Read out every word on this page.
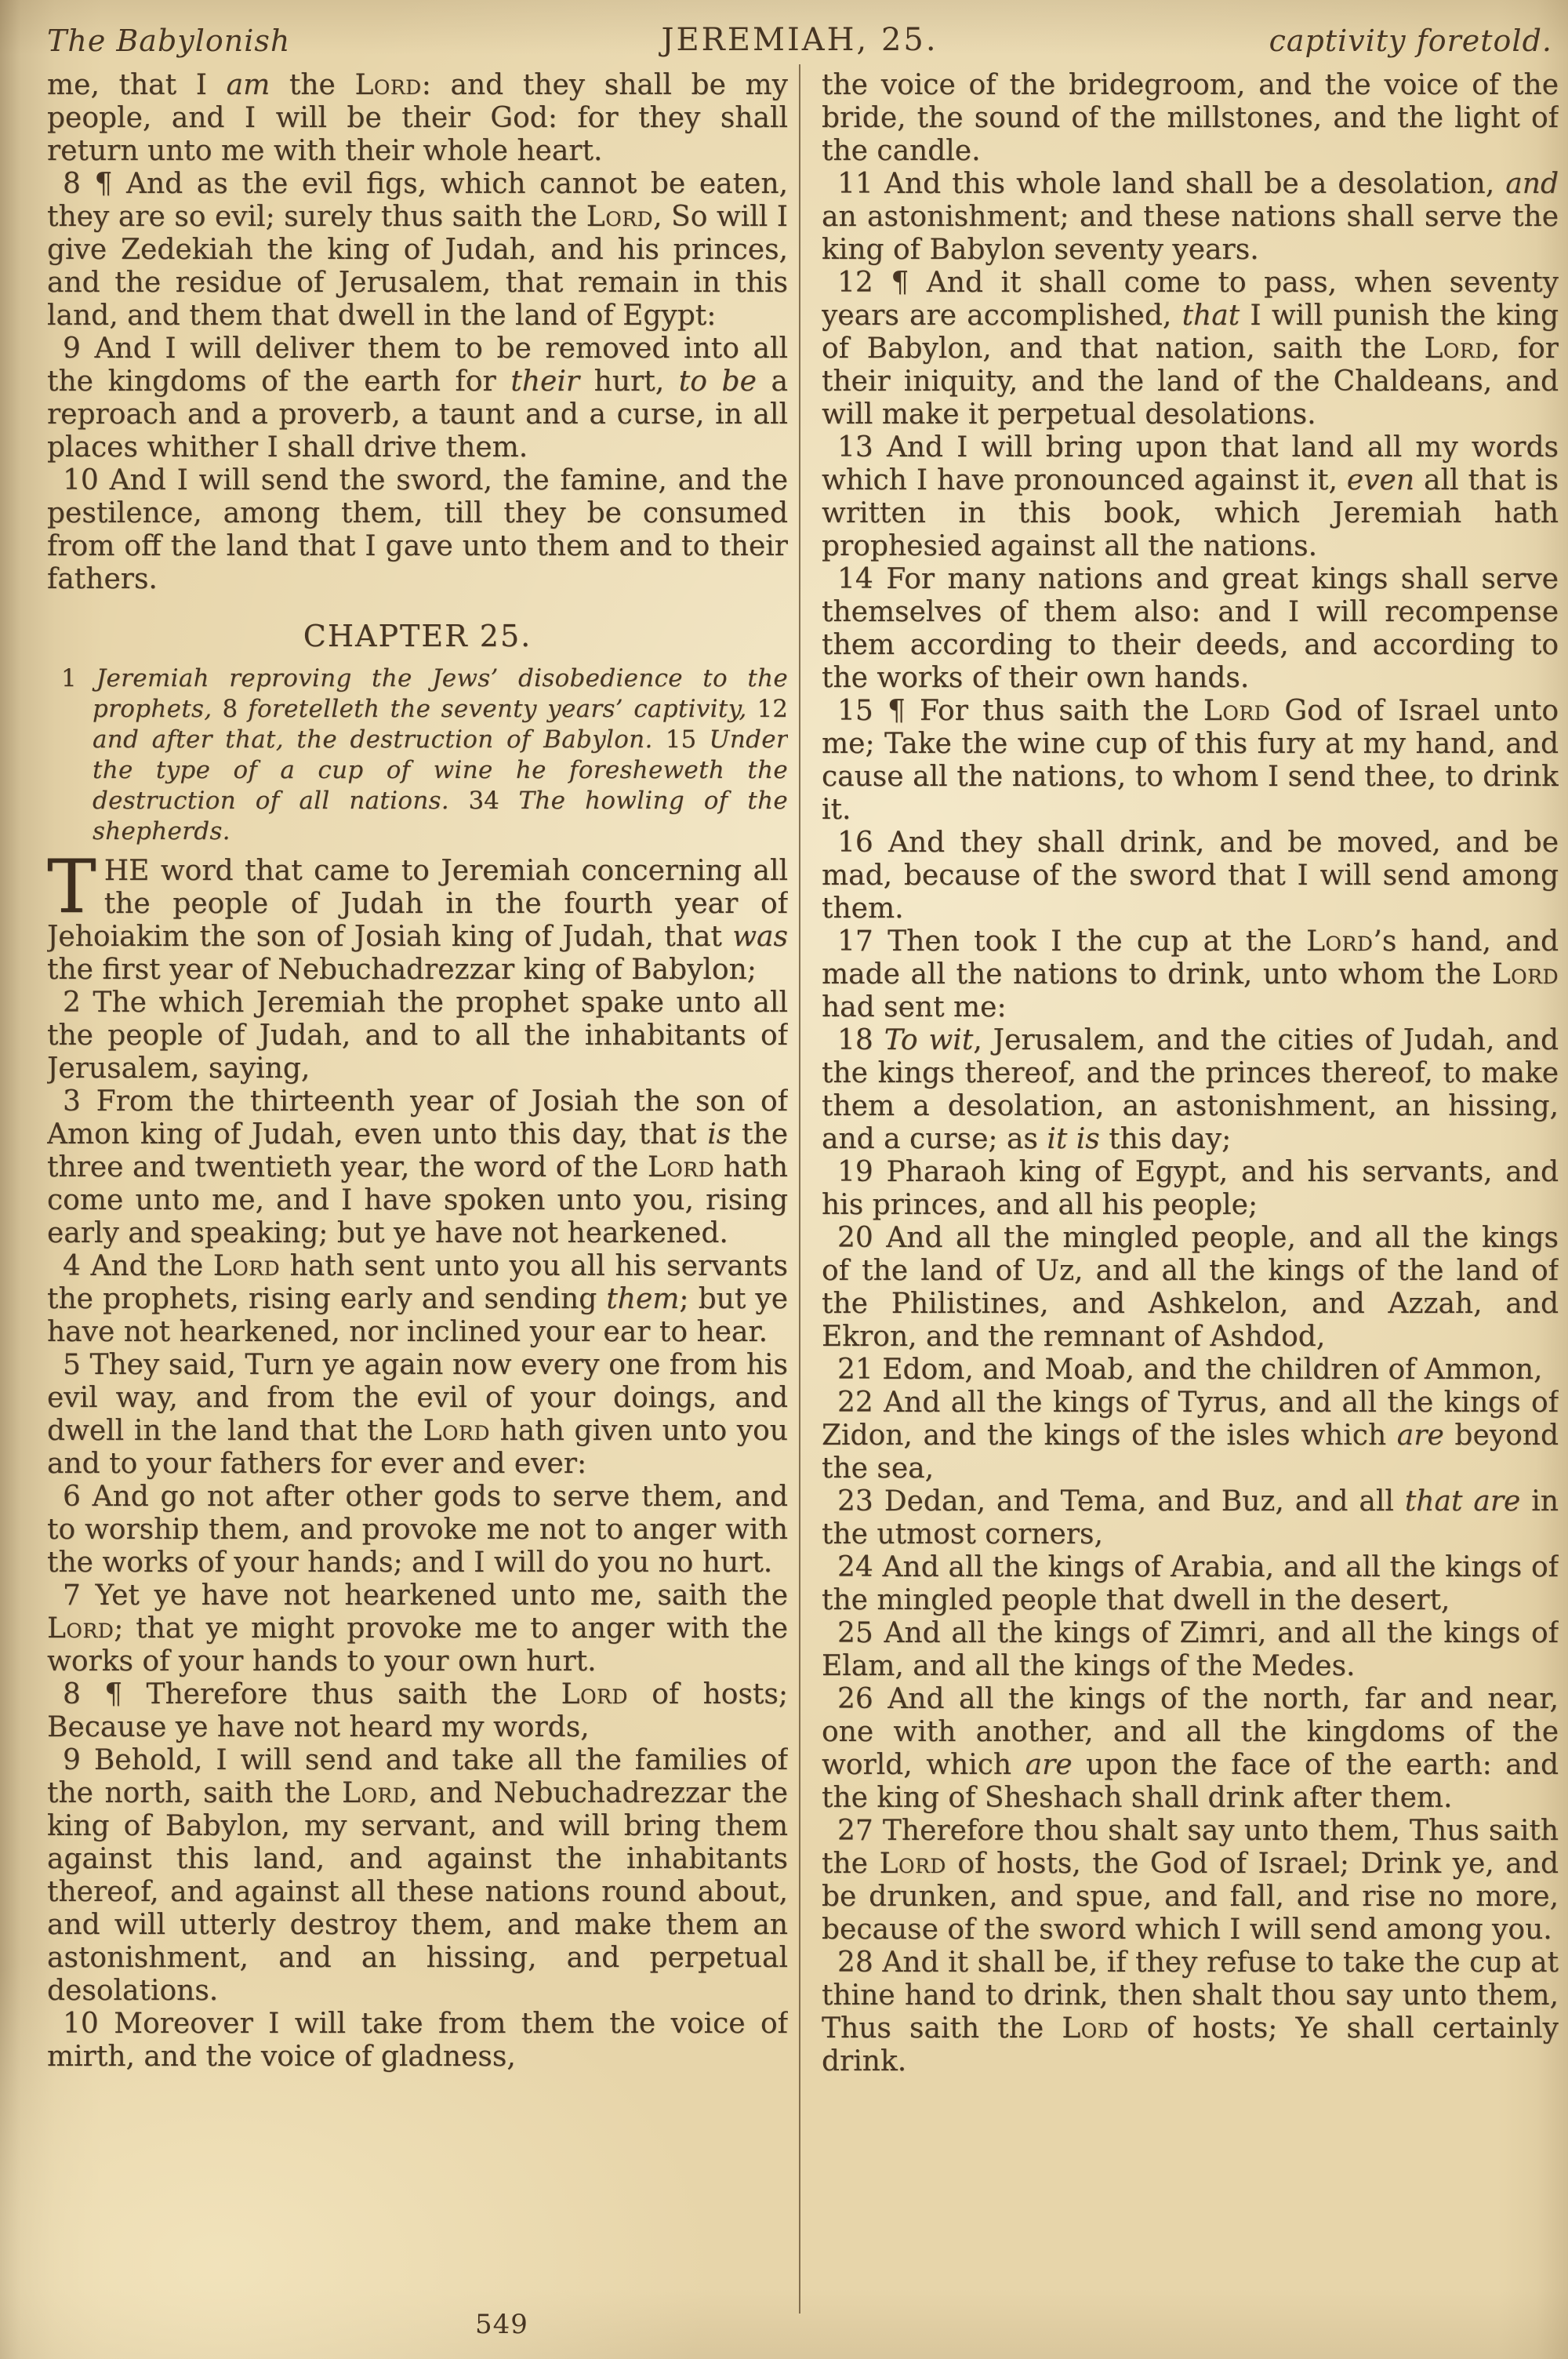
The Babylonish	JEREMIAH, 25.	captivity foretold.

me, that I am the Lord: and they shall be my people, and I will be their God: for they shall return unto me with their whole heart.

8 ¶ And as the evil figs, which cannot be eaten, they are so evil; surely thus saith the Lord, So will I give Zedekiah the king of Judah, and his princes, and the residue of Jerusalem, that remain in this land, and them that dwell in the land of Egypt:

9 And I will deliver them to be removed into all the kingdoms of the earth for their hurt, to be a reproach and a proverb, a taunt and a curse, in all places whither I shall drive them.

10 And I will send the sword, the famine, and the pestilence, among them, till they be consumed from off the land that I gave unto them and to their fathers.

CHAPTER 25.

1 Jeremiah reproving the Jews’ disobedience to the prophets, 8 foretelleth the seventy years’ captivity, 12 and after that, the destruction of Babylon. 15 Under the type of a cup of wine he foresheweth the destruction of all nations. 34 The howling of the shepherds.

THE word that came to Jeremiah concerning all the people of Judah in the fourth year of Jehoiakim the son of Josiah king of Judah, that was the first year of Nebuchadrezzar king of Babylon;

2 The which Jeremiah the prophet spake unto all the people of Judah, and to all the inhabitants of Jerusalem, saying,

3 From the thirteenth year of Josiah the son of Amon king of Judah, even unto this day, that is the three and twentieth year, the word of the Lord hath come unto me, and I have spoken unto you, rising early and speaking; but ye have not hearkened.

4 And the Lord hath sent unto you all his servants the prophets, rising early and sending them; but ye have not hearkened, nor inclined your ear to hear.

5 They said, Turn ye again now every one from his evil way, and from the evil of your doings, and dwell in the land that the Lord hath given unto you and to your fathers for ever and ever:

6 And go not after other gods to serve them, and to worship them, and provoke me not to anger with the works of your hands; and I will do you no hurt.

7 Yet ye have not hearkened unto me, saith the Lord; that ye might provoke me to anger with the works of your hands to your own hurt.

8 ¶ Therefore thus saith the Lord of hosts; Because ye have not heard my words,

9 Behold, I will send and take all the families of the north, saith the Lord, and Nebuchadrezzar the king of Babylon, my servant, and will bring them against this land, and against the inhabitants thereof, and against all these nations round about, and will utterly destroy them, and make them an astonishment, and an hissing, and perpetual desolations.

10 Moreover I will take from them the voice of mirth, and the voice of gladness,

the voice of the bridegroom, and the voice of the bride, the sound of the millstones, and the light of the candle.

11 And this whole land shall be a desolation, and an astonishment; and these nations shall serve the king of Babylon seventy years.

12 ¶ And it shall come to pass, when seventy years are accomplished, that I will punish the king of Babylon, and that nation, saith the Lord, for their iniquity, and the land of the Chaldeans, and will make it perpetual desolations.

13 And I will bring upon that land all my words which I have pronounced against it, even all that is written in this book, which Jeremiah hath prophesied against all the nations.

14 For many nations and great kings shall serve themselves of them also: and I will recompense them according to their deeds, and according to the works of their own hands.

15 ¶ For thus saith the Lord God of Israel unto me; Take the wine cup of this fury at my hand, and cause all the nations, to whom I send thee, to drink it.

16 And they shall drink, and be moved, and be mad, because of the sword that I will send among them.

17 Then took I the cup at the Lord’s hand, and made all the nations to drink, unto whom the Lord had sent me:

18 To wit, Jerusalem, and the cities of Judah, and the kings thereof, and the princes thereof, to make them a desolation, an astonishment, an hissing, and a curse; as it is this day;

19 Pharaoh king of Egypt, and his servants, and his princes, and all his people;

20 And all the mingled people, and all the kings of the land of Uz, and all the kings of the land of the Philistines, and Ashkelon, and Azzah, and Ekron, and the remnant of Ashdod,

21 Edom, and Moab, and the children of Ammon,

22 And all the kings of Tyrus, and all the kings of Zidon, and the kings of the isles which are beyond the sea,

23 Dedan, and Tema, and Buz, and all that are in the utmost corners,

24 And all the kings of Arabia, and all the kings of the mingled people that dwell in the desert,

25 And all the kings of Zimri, and all the kings of Elam, and all the kings of the Medes.

26 And all the kings of the north, far and near, one with another, and all the kingdoms of the world, which are upon the face of the earth: and the king of Sheshach shall drink after them.

27 Therefore thou shalt say unto them, Thus saith the Lord of hosts, the God of Israel; Drink ye, and be drunken, and spue, and fall, and rise no more, because of the sword which I will send among you.

28 And it shall be, if they refuse to take the cup at thine hand to drink, then shalt thou say unto them, Thus saith the Lord of hosts; Ye shall certainly drink.

549
